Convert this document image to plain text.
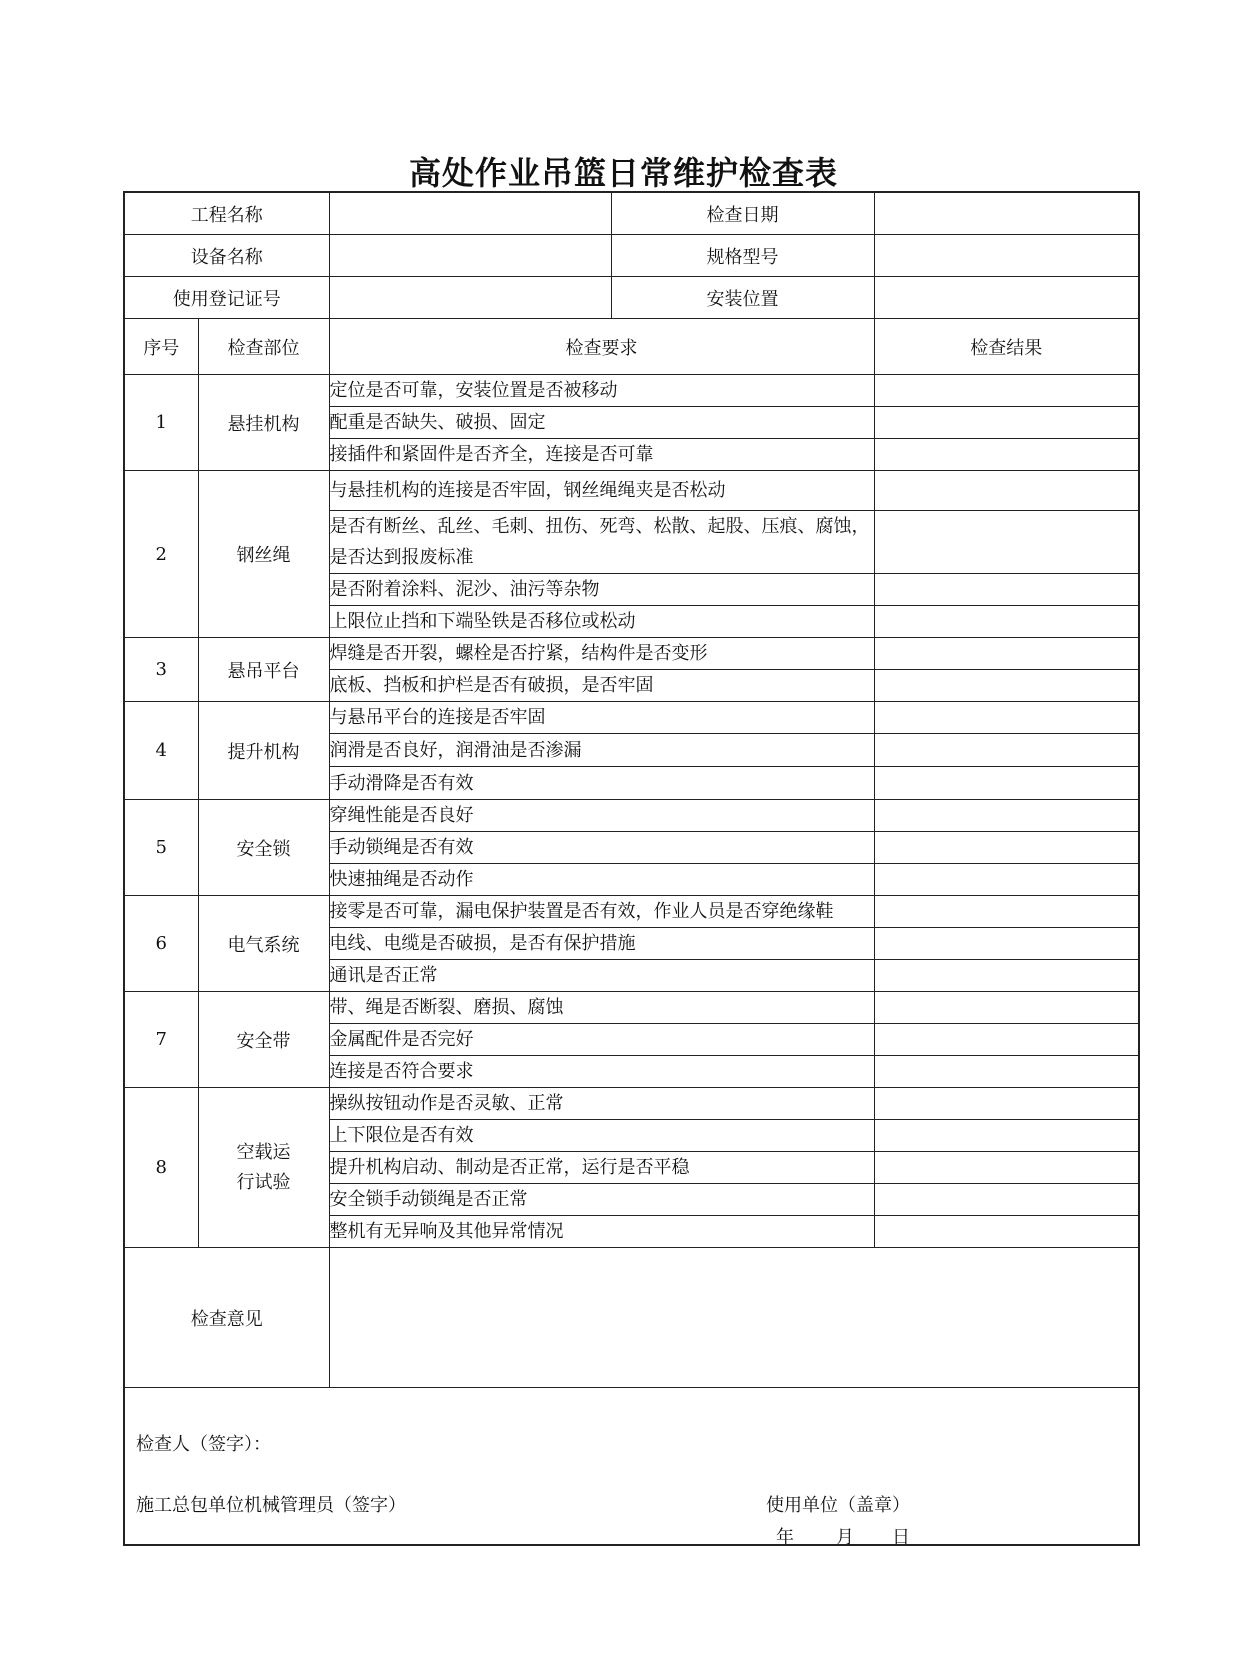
高处作业吊篮日常维护检查表
工程名称			检查日期	
设备名称			规格型号	
使用登记证号			安装位置	
序号	检查部位	检查要求		检查结果
1	悬挂机构	定位是否可靠，安装位置是否被移动		
		配重是否缺失、破损、固定		
		接插件和紧固件是否齐全，连接是否可靠		
2	钢丝绳	与悬挂机构的连接是否牢固，钢丝绳绳夹是否松动		
		是否有断丝、乱丝、毛刺、扭伤、死弯、松散、起股、压痕、腐蚀，是否达到报废标准		
		是否附着涂料、泥沙、油污等杂物		
		上限位止挡和下端坠铁是否移位或松动		
3	悬吊平台	焊缝是否开裂，螺栓是否拧紧，结构件是否变形		
		底板、挡板和护栏是否有破损，是否牢固		
4	提升机构	与悬吊平台的连接是否牢固		
		润滑是否良好，润滑油是否渗漏		
		手动滑降是否有效		
5	安全锁	穿绳性能是否良好		
		手动锁绳是否有效		
		快速抽绳是否动作		
6	电气系统	接零是否可靠，漏电保护装置是否有效，作业人员是否穿绝缘鞋		
		电线、电缆是否破损，是否有保护措施		
		通讯是否正常		
7	安全带	带、绳是否断裂、磨损、腐蚀		
		金属配件是否完好		
		连接是否符合要求		
8	空载运行试验	操纵按钮动作是否灵敏、正常		
		上下限位是否有效		
		提升机构启动、制动是否正常，运行是否平稳		
		安全锁手动锁绳是否正常		
		整机有无异响及其他异常情况		
检查意见				

检查人（签字）：
施工总包单位机械管理员（签字） 使用单位（盖章）
年 月 日				
